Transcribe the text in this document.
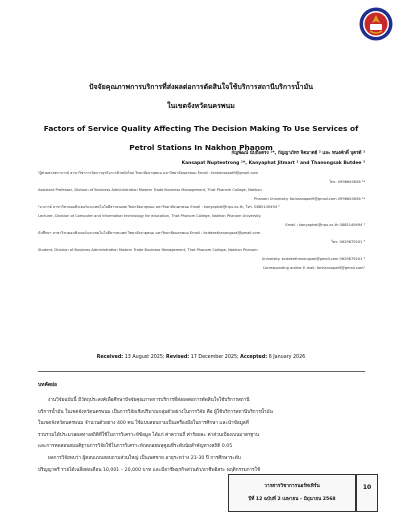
ปัจจัยคุณภาพการบริการที่ส่งผลต่อการตัดสินใจใช้บริการสถานีบริการน้ำมัน
ในเขตจังหวัดนครพนม
Factors of Service Quality Affecting The Decision Making To Use Services of
Petrol Stations In Nakhon Phanom
กัญพัฒน์ นับถือตรง ¹*, กัญญาภัทร จิตมาตย์ ² และ ทนงศักดิ์ บุตรดี ³
Kansapat Nupteotrong ¹*, Kanyaphat Jitmart ² and Thanongsak Butdee ³
¹ผู้ช่วยศาสตราจารย์ สาขาวิชาการจัดการธุรกิจการค้าสมัยใหม่ วิทยาลัยธาตุพนม มหาวิทยาลัยนครพนม Email : fonkansapat9@gmail.com
โทร. 0996645636 ¹*
Assistant Professor, Division of Business Administration Modern Trade Business Management, That Phanom College, Nakhon
Phanom University. fonkansapat9@gmail.com 0996645636 ¹*
²อาจารย์ สาขาวิชาคอมพิวเตอร์และเทคโนโลยีสารสนเทศ วิทยาลัยธาตุพนม มหาวิทยาลัยนครพนม Email : kanyaphat@npu.ac.th, โทร. 0885149494 ²
Lecturer, Division of Computer and information technology for education, That Phanom College, Nakhon Phanom University.
Email : kanyaphat@npu.ac.th 0885149494 ²
นักศึกษา สาขาวิชาคอมพิวเตอร์และเทคโนโลยีสารสนเทศ วิทยาลัยธาตุพนม มหาวิทยาลัยนครพนม Email : bcddeethanongsak@gmail.com
โทร. 0629879201 ³
Student, Division of Business Administration Modern Trade Business Management, That Phanom College, Nakhon Phanom
University. bcddeethanongsak@gmail.com 0629879201 ³
Corresponding author E-mail: fonkansapat9@gmail.com¹
Received: 13 August 2025; Revised: 17 December 2025; Accepted: 6 January 2026
บทคัดย่อ
งานวิจัยฉบับนี้ มีวัตถุประสงค์เพื่อศึกษาปัจจัยคุณภาพการบริการที่ส่งผลต่อการตัดสินใจใช้บริการสถานี
บริการน้ำมัน ในเขตจังหวัดนครพนม เป็นการวิจัยเชิงปริมาณกลุ่มตัวอย่างในการวิจัย คือ ผู้ใช้บริการสถานีบริการน้ำมัน
ในเขตจังหวัดนครพนม จำนวนตัวอย่าง 400 คน ใช้แบบสอบถามเป็นเครื่องมือในการศึกษา และนำข้อมูลที่
รวบรวมได้ประมวลผลทางสถิติที่ใช้ในการวิเคราะห์ข้อมูล ได้แก่ ค่าความถี่ ค่าร้อยละ ค่าส่วนเบี่ยงเบนมาตรฐาน
และการทดสอบสมมติฐานการวิจัยใช้ในการวิเคราะห์ถดถอยพหุคูณที่ระดับนัยสำคัญทางสถิติ 0.05
ผลการวิจัยพบว่า ผู้ตอบแบบสอบถามส่วนใหญ่ เป็นเพศชาย อายุระหว่าง 21-30 ปี การศึกษาระดับ
ปริญญาตรี รายได้เฉลี่ยต่อเดือน 10,001 – 20,000 บาท และมีอาชีพธุรกิจส่วนตัว/อาชีพอิสระ พฤติกรรมการใช้
วารสารวิชาการนอร์ทเทิร์น
ปีที่ 12 ฉบับที่ 2 เมษายน – มิถุนายน 2568
10
